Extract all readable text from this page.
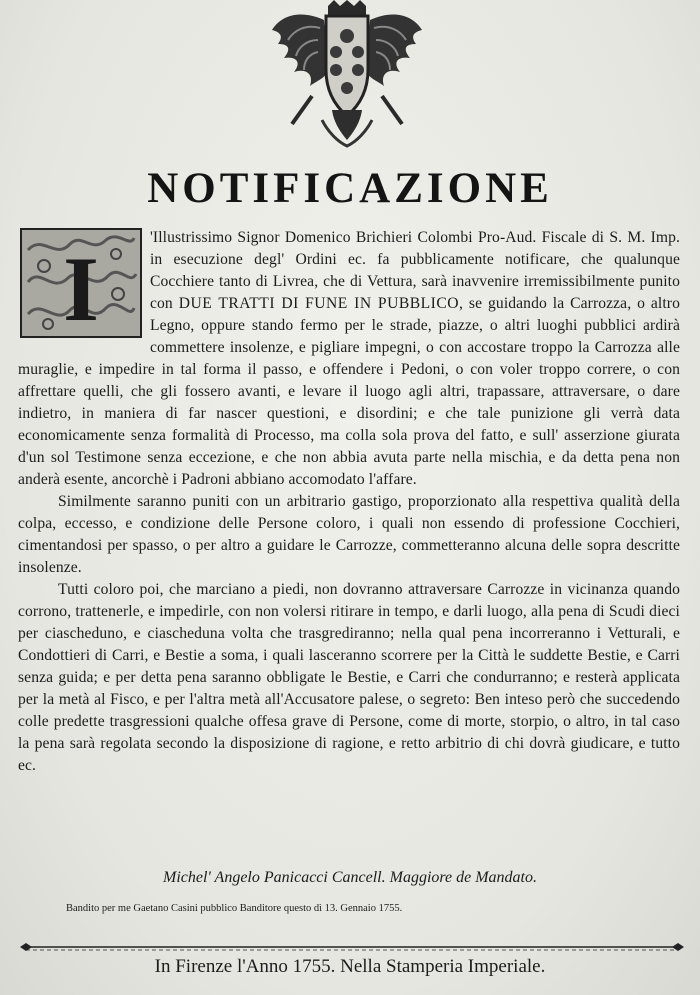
NOTIFICAZIONE
I

'Illustrissimo Signor Domenico Brichieri Colombi Pro-Aud. Fiscale di S. M. Imp. in esecuzione degl' Ordini ec. fa pubblicamente notificare, che qualunque Cocchiere tanto di Livrea, che di Vettura, sarà inavvenire irremissibilmente punito con DUE TRATTI DI FUNE IN PUBBLICO, se guidando la Carrozza, o altro Legno, oppure stando fermo per le strade, piazze, o altri luoghi pubblici ardirà commettere insolenze, e pigliare impegni, o con accostare troppo la Carrozza alle muraglie, e impedire in tal forma il passo, e offendere i Pedoni, o con voler troppo correre, o con affrettare quelli, che gli fossero avanti, e levare il luogo agli altri, trapassare, attraversare, o dare indietro, in maniera di far nascer questioni, e disordini; e che tale punizione gli verrà data economicamente senza formalità di Processo, ma colla sola prova del fatto, e sull' asserzione giurata d'un sol Testimone senza eccezione, e che non abbia avuta parte nella mischia, e da detta pena non anderà esente, ancorchè i Padroni abbiano accomodato l'affare.

Similmente saranno puniti con un arbitrario gastigo, proporzionato alla respettiva qualità della colpa, eccesso, e condizione delle Persone coloro, i quali non essendo di professione Cocchieri, cimentandosi per spasso, o per altro a guidare le Carrozze, commetteranno alcuna delle sopra descritte insolenze.

Tutti coloro poi, che marciano a piedi, non dovranno attraversare Carrozze in vicinanza quando corrono, trattenerle, e impedirle, con non volersi ritirare in tempo, e darli luogo, alla pena di Scudi dieci per ciascheduno, e ciascheduna volta che trasgrediranno; nella qual pena incorreranno i Vetturali, e Condottieri di Carri, e Bestie a soma, i quali lasceranno scorrere per la Città le suddette Bestie, e Carri senza guida; e per detta pena saranno obbligate le Bestie, e Carri che condurranno; e resterà applicata per la metà al Fisco, e per l'altra metà all'Accusatore palese, o segreto: Ben inteso però che succedendo colle predette trasgressioni qualche offesa grave di Persone, come di morte, storpio, o altro, in tal caso la pena sarà regolata secondo la disposizione di ragione, e retto arbitrio di chi dovrà giudicare, e tutto ec.

Michel' Angelo Panicacci Cancell. Maggiore de Mandato.
Bandito per me Gaetano Casini pubblico Banditore questo dì 13. Gennaio 1755.
In Firenze l'Anno 1755. Nella Stamperia Imperiale.
